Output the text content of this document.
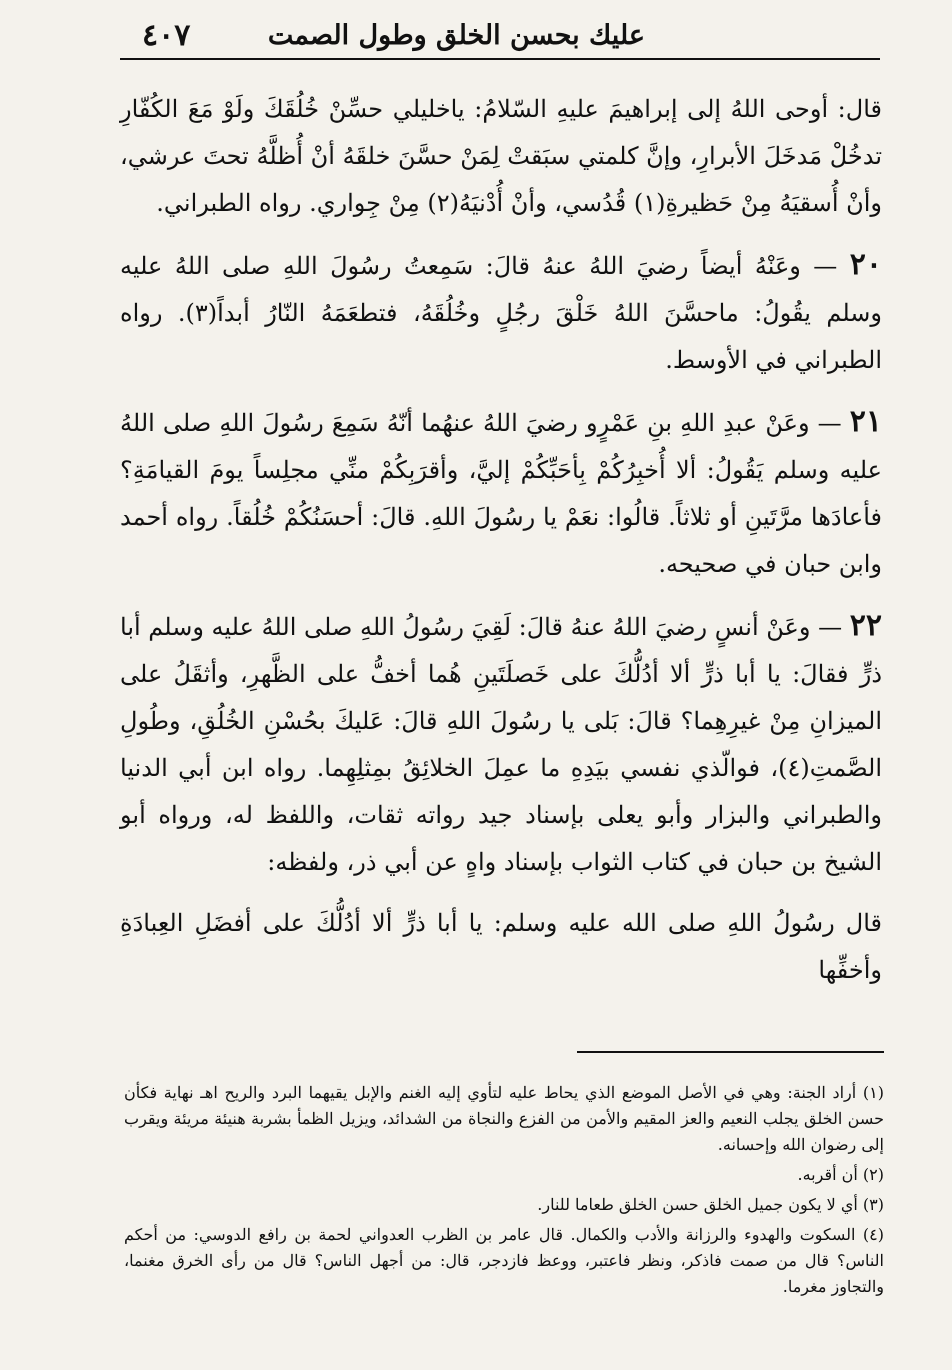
عليك بحسن الخلق وطول الصمت
٤٠٧

قال: أوحى اللهُ إلى إبراهيمَ عليهِ السّلامُ: ياخليلي حسِّنْ خُلُقَكَ ولَوْ مَعَ الكُفّارِ تدخُلْ مَدخَلَ الأبرارِ، وإنَّ كلمتي سبَقتْ لِمَنْ حسَّنَ خلقَهُ أنْ أُظلَّهُ تحتَ عرشي، وأنْ أُسقيَهُ مِنْ حَظيرةِ(١) قُدُسي، وأنْ أُدْنيَهُ(٢) مِنْ جِواري. رواه الطبراني.

٢٠ — وعَنْهُ أيضاً رضيَ اللهُ عنهُ قالَ: سَمِعتُ رسُولَ اللهِ صلى اللهُ عليه وسلم يقُولُ: ماحسَّنَ اللهُ خَلْقَ رجُلٍ وخُلُقَهُ، فتطعَمَهُ النّارُ أبداً(٣). رواه الطبراني في الأوسط.

٢١ — وعَنْ عبدِ اللهِ بنِ عَمْرٍو رضيَ اللهُ عنهُما أنّهُ سَمِعَ رسُولَ اللهِ صلى اللهُ عليه وسلم يَقُولُ: ألا أُخبِرُكُمْ بِأحَبِّكُمْ إليَّ، وأقرَبِكُمْ منِّي مجلِساً يومَ القيامَةِ؟ فأعادَها مرَّتَينِ أو ثلاثاً. قالُوا: نعَمْ يا رسُولَ اللهِ. قالَ: أحسَنُكُمْ خُلُقاً. رواه أحمد وابن حبان في صحيحه.

٢٢ — وعَنْ أنسٍ رضيَ اللهُ عنهُ قالَ: لَقِيَ رسُولُ اللهِ صلى اللهُ عليه وسلم أبا ذرٍّ فقالَ: يا أبا ذرٍّ ألا أدُلُّكَ على خَصلَتَينِ هُما أخفُّ على الظَّهرِ، وأثقَلُ على الميزانِ مِنْ غيرِهِما؟ قالَ: بَلى يا رسُولَ اللهِ قالَ: عَليكَ بحُسْنِ الخُلُقِ، وطُولِ الصَّمتِ(٤)، فوالّذي نفسي بيَدِهِ ما عمِلَ الخلائِقُ بمِثلِهِما. رواه ابن أبي الدنيا والطبراني والبزار وأبو يعلى بإسناد جيد رواته ثقات، واللفظ له، ورواه أبو الشيخ بن حبان في كتاب الثواب بإسناد واهٍ عن أبي ذر، ولفظه:

قال رسُولُ اللهِ صلى الله عليه وسلم: يا أبا ذرٍّ ألا أدُلُّكَ على أفضَلِ العِبادَةِ وأخفِّها

(١) أراد الجنة: وهي في الأصل الموضع الذي يحاط عليه لتأوي إليه الغنم والإبل يقيهما البرد والريح اهـ نهاية فكأن حسن الخلق يجلب النعيم والعز المقيم والأمن من الفزع والنجاة من الشدائد، ويزيل الظمأ بشربة هنيئة مريئة ويقرب إلى رضوان الله وإحسانه.

(٢) أن أقربه.

(٣) أي لا يكون جميل الخلق حسن الخلق طعاما للنار.

(٤) السكوت والهدوء والرزانة والأدب والكمال. قال عامر بن الظرب العدواني لحمة بن رافع الدوسي: من أحكم الناس؟ قال من صمت فاذكر، ونظر فاعتبر، ووعظ فازدجر، قال: من أجهل الناس؟ قال من رأى الخرق مغنما، والتجاوز مغرما.
